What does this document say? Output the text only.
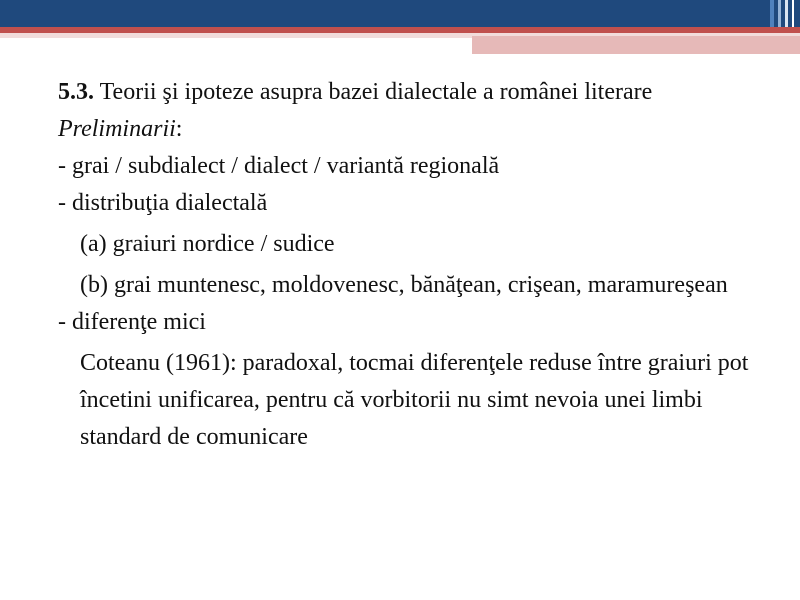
5.3. Teorii şi ipoteze asupra bazei dialectale a românei literare

Preliminarii:

- grai / subdialect / dialect / variantă regională

- distribuţia dialectală

(a) graiuri nordice / sudice

(b) grai muntenesc, moldovenesc, bănăţean, crişean, maramureşean

- diferenţe mici

Coteanu (1961): paradoxal, tocmai diferenţele reduse între graiuri pot încetini unificarea, pentru că vorbitorii nu simt nevoia unei limbi standard de comunicare
